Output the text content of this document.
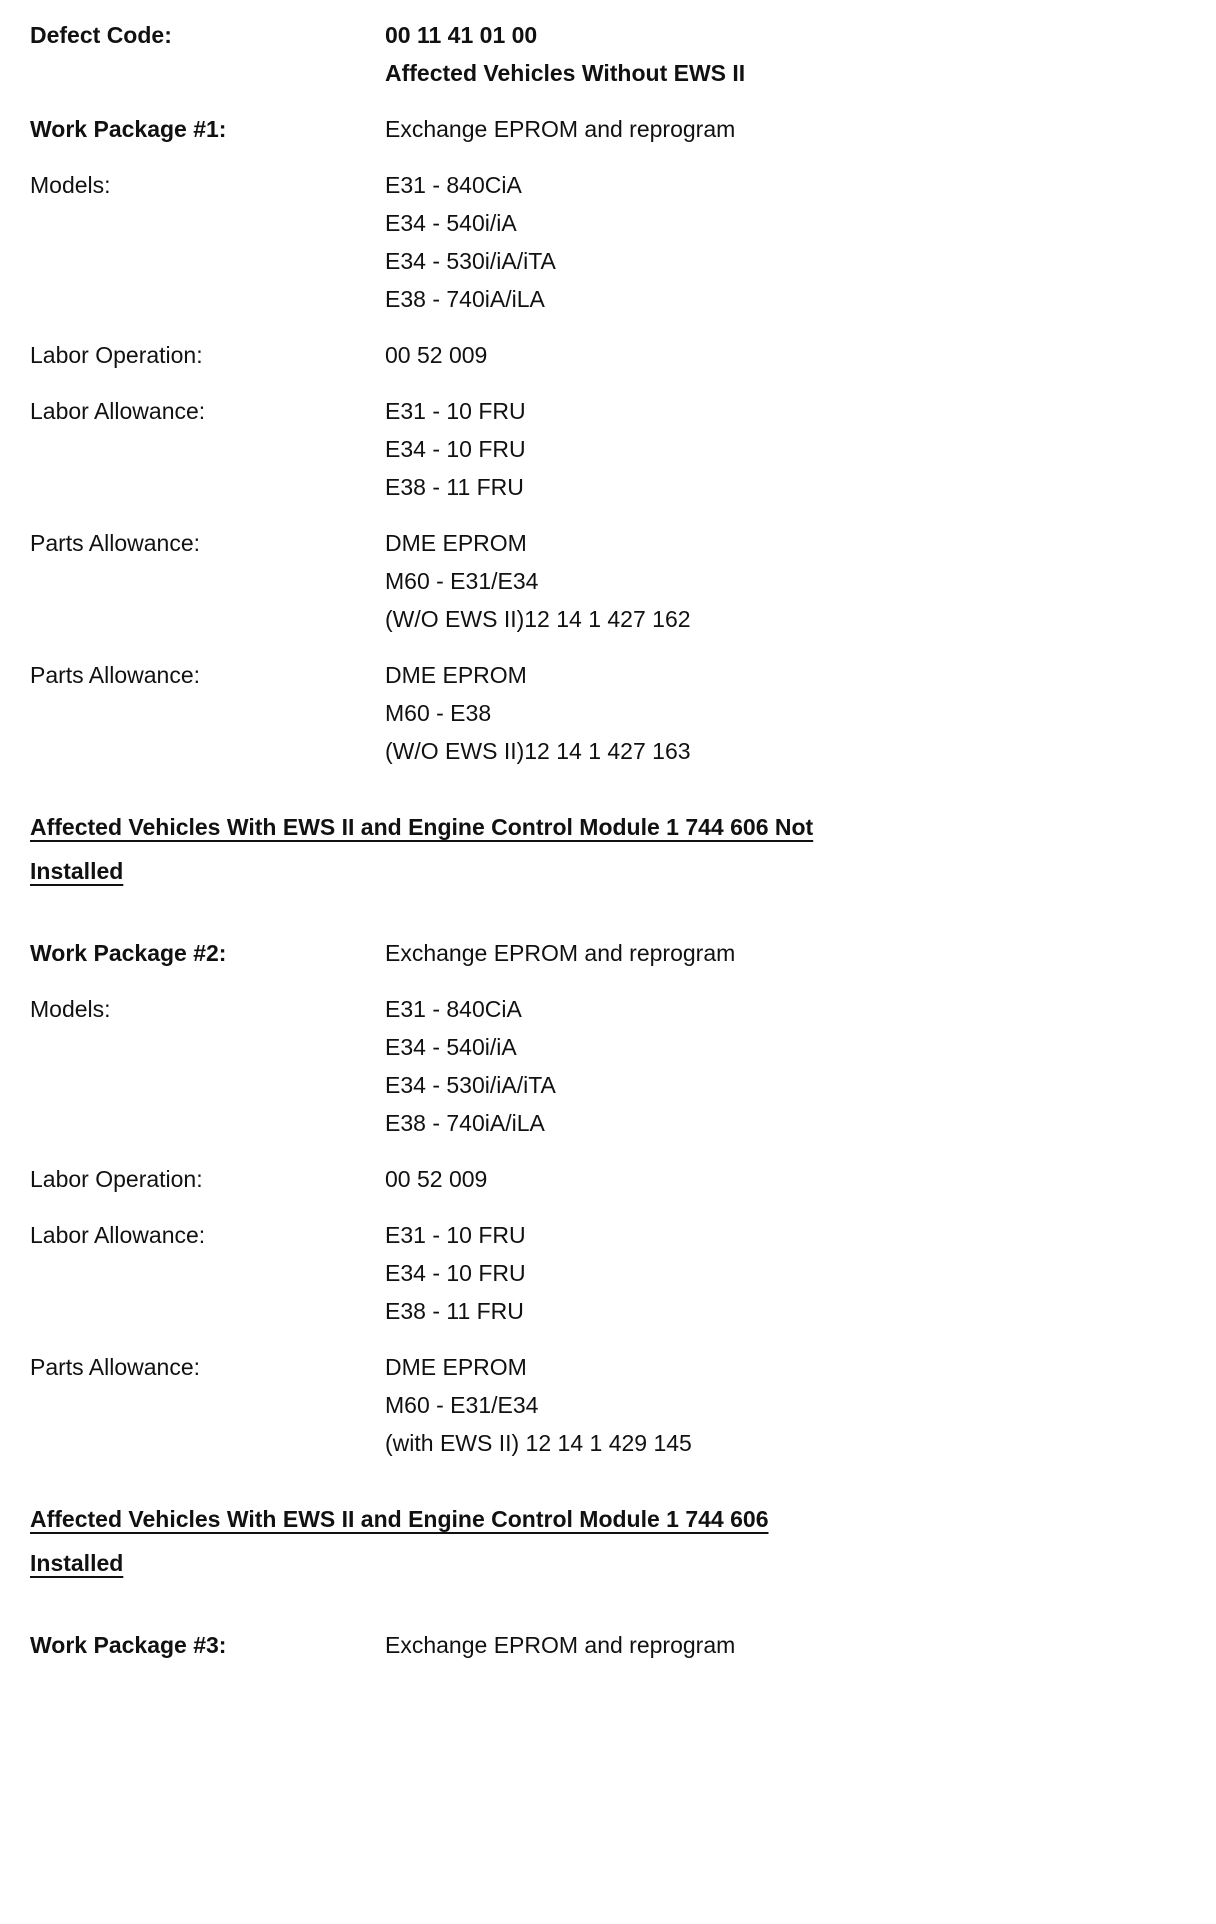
Defect Code:	00 11 41 01 00
Affected Vehicles Without EWS II
Work Package #1:	Exchange EPROM and reprogram
Models:	E31 - 840CiA
E34 - 540i/iA
E34 - 530i/iA/iTA
E38 - 740iA/iLA
Labor Operation:	00 52 009
Labor Allowance:	E31 - 10 FRU
E34 - 10 FRU
E38 - 11 FRU
Parts Allowance:	DME EPROM
M60 - E31/E34
(W/O EWS II)12 14 1 427 162
Parts Allowance:	DME EPROM
M60 - E38
(W/O EWS II)12 14 1 427 163
Affected Vehicles With EWS II and Engine Control Module 1 744 606 Not
Installed
Work Package #2:	Exchange EPROM and reprogram
Models:	E31 - 840CiA
E34 - 540i/iA
E34 - 530i/iA/iTA
E38 - 740iA/iLA
Labor Operation:	00 52 009
Labor Allowance:	E31 - 10 FRU
E34 - 10 FRU
E38 - 11 FRU
Parts Allowance:	DME EPROM
M60 - E31/E34
(with EWS II) 12 14 1 429 145
Affected Vehicles With EWS II and Engine Control Module 1 744 606
Installed
Work Package #3:	Exchange EPROM and reprogram
